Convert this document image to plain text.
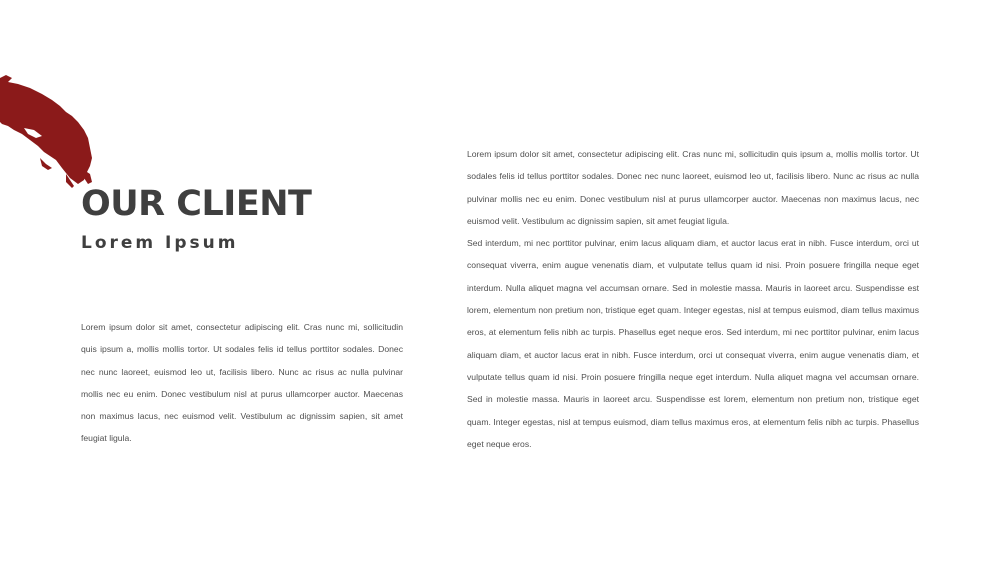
OUR CLIENT
Lorem Ipsum

Lorem ipsum dolor sit amet, consectetur adipiscing elit. Cras nunc mi, sollicitudin quis ipsum a, mollis mollis tortor. Ut sodales felis id tellus porttitor sodales. Donec nec nunc laoreet, euismod leo ut, facilisis libero. Nunc ac risus ac nulla pulvinar mollis nec eu enim. Donec vestibulum nisl at purus ullamcorper auctor. Maecenas non maximus lacus, nec euismod velit. Vestibulum ac dignissim sapien, sit amet feugiat ligula.

Lorem ipsum dolor sit amet, consectetur adipiscing elit. Cras nunc mi, sollicitudin quis ipsum a, mollis mollis tortor. Ut sodales felis id tellus porttitor sodales. Donec nec nunc laoreet, euismod leo ut, facilisis libero. Nunc ac risus ac nulla pulvinar mollis nec eu enim. Donec vestibulum nisl at purus ullamcorper auctor. Maecenas non maximus lacus, nec euismod velit. Vestibulum ac dignissim sapien, sit amet feugiat ligula.

Sed interdum, mi nec porttitor pulvinar, enim lacus aliquam diam, et auctor lacus erat in nibh. Fusce interdum, orci ut consequat viverra, enim augue venenatis diam, et vulputate tellus quam id nisi. Proin posuere fringilla neque eget interdum. Nulla aliquet magna vel accumsan ornare. Sed in molestie massa. Mauris in laoreet arcu. Suspendisse est lorem, elementum non pretium non, tristique eget quam. Integer egestas, nisl at tempus euismod, diam tellus maximus eros, at elementum felis nibh ac turpis. Phasellus eget neque eros. Sed interdum, mi nec porttitor pulvinar, enim lacus aliquam diam, et auctor lacus erat in nibh. Fusce interdum, orci ut consequat viverra, enim augue venenatis diam, et vulputate tellus quam id nisi. Proin posuere fringilla neque eget interdum. Nulla aliquet magna vel accumsan ornare. Sed in molestie massa. Mauris in laoreet arcu. Suspendisse est lorem, elementum non pretium non, tristique eget quam. Integer egestas, nisl at tempus euismod, diam tellus maximus eros, at elementum felis nibh ac turpis. Phasellus eget neque eros.
